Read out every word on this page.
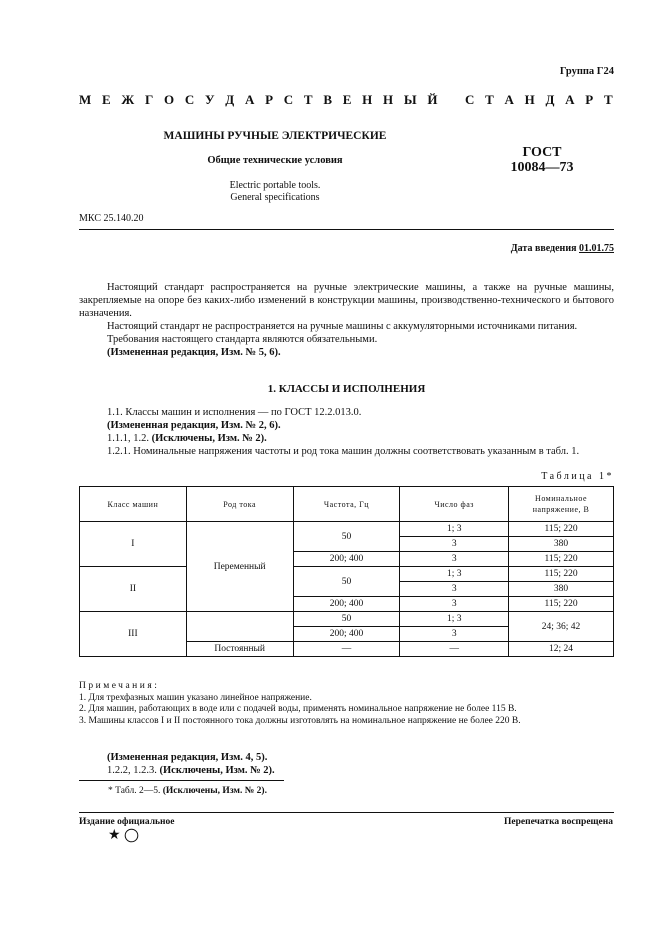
Группа Г24
М Е Ж Г О С У Д А Р С Т В Е Н Н Ы Й С Т А Н Д А Р Т
МАШИНЫ РУЧНЫЕ ЭЛЕКТРИЧЕСКИЕ
Общие технические условия
Electric portable tools.
General specifications
ГОСТ
10084—73
МКС 25.140.20
Дата введения 01.01.75
Настоящий стандарт распространяется на ручные электрические машины, а также на ручные машины, закрепляемые на опоре без каких-либо изменений в конструкции машины, производственно-технического и бытового назначения.
Настоящий стандарт не распространяется на ручные машины с аккумуляторными источниками питания.
Требования настоящего стандарта являются обязательными.
(Измененная редакция, Изм. № 5, 6).
1. КЛАССЫ И ИСПОЛНЕНИЯ
1.1. Классы машин и исполнения — по ГОСТ 12.2.013.0.
(Измененная редакция, Изм. № 2, 6).
1.1.1, 1.2. (Исключены, Изм. № 2).
1.2.1. Номинальные напряжения частоты и род тока машин должны соответствовать указанным в табл. 1.
Таблица 1*
Класс машин	Род тока	Частота, Гц	Число фаз	Номинальное напряжение, В
I	Переменный	50	1; 3	115; 220
			3	380
		200; 400	3	115; 220
II		50	1; 3	115; 220
			3	380
		200; 400	3	115; 220
III		50	1; 3	24; 36; 42
		200; 400	3	
	Постоянный	—	—	12; 24
Примечания:
1. Для трехфазных машин указано линейное напряжение.
2. Для машин, работающих в воде или с подачей воды, применять номинальное напряжение не более 115 В.
3. Машины классов I и II постоянного тока должны изготовлять на номинальное напряжение не более 220 В.
(Измененная редакция, Изм. 4, 5).
1.2.2, 1.2.3. (Исключены, Изм. № 2).
* Табл. 2—5. (Исключены, Изм. № 2).
Издание официальное	Перепечатка воспрещена
★
